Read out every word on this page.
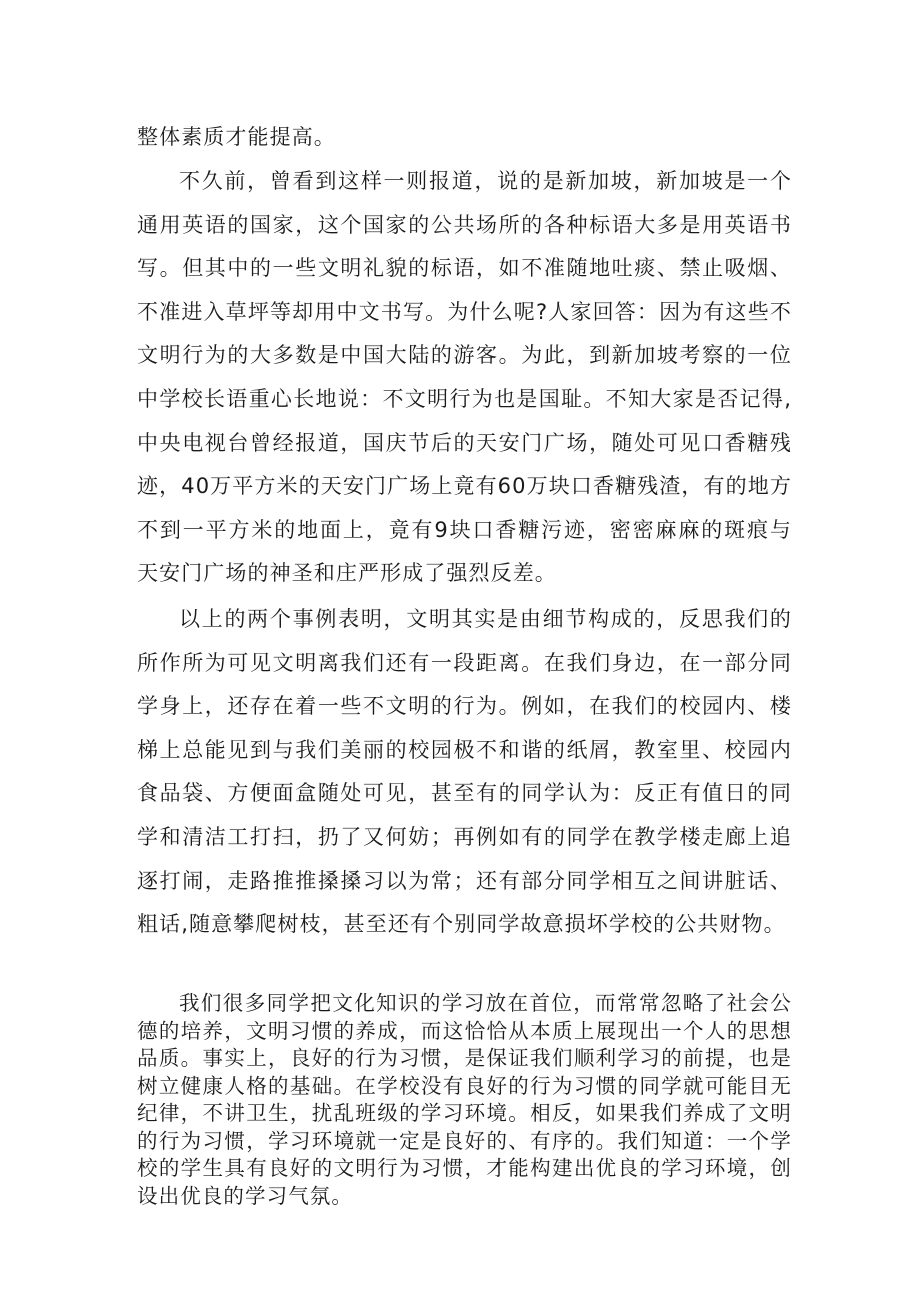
整体素质才能提高。

不久前，曾看到这样一则报道，说的是新加坡，新加坡是一个通用英语的国家，这个国家的公共场所的各种标语大多是用英语书写。但其中的一些文明礼貌的标语，如不准随地吐痰、禁止吸烟、不准进入草坪等却用中文书写。为什么呢?人家回答：因为有这些不文明行为的大多数是中国大陆的游客。为此，到新加坡考察的一位中学校长语重心长地说：不文明行为也是国耻。不知大家是否记得,中央电视台曾经报道，国庆节后的天安门广场，随处可见口香糖残迹，40万平方米的天安门广场上竟有60万块口香糖残渣，有的地方不到一平方米的地面上，竟有9块口香糖污迹，密密麻麻的斑痕与天安门广场的神圣和庄严形成了强烈反差。

以上的两个事例表明，文明其实是由细节构成的，反思我们的所作所为可见文明离我们还有一段距离。在我们身边，在一部分同学身上，还存在着一些不文明的行为。例如，在我们的校园内、楼梯上总能见到与我们美丽的校园极不和谐的纸屑，教室里、校园内食品袋、方便面盒随处可见，甚至有的同学认为：反正有值日的同学和清洁工打扫，扔了又何妨；再例如有的同学在教学楼走廊上追逐打闹，走路推推搡搡习以为常；还有部分同学相互之间讲脏话、粗话,随意攀爬树枝，甚至还有个别同学故意损坏学校的公共财物。

我们很多同学把文化知识的学习放在首位，而常常忽略了社会公德的培养，文明习惯的养成，而这恰恰从本质上展现出一个人的思想品质。事实上，良好的行为习惯，是保证我们顺利学习的前提，也是树立健康人格的基础。在学校没有良好的行为习惯的同学就可能目无纪律，不讲卫生，扰乱班级的学习环境。相反，如果我们养成了文明的行为习惯，学习环境就一定是良好的、有序的。我们知道：一个学校的学生具有良好的文明行为习惯，才能构建出优良的学习环境，创设出优良的学习气氛。
